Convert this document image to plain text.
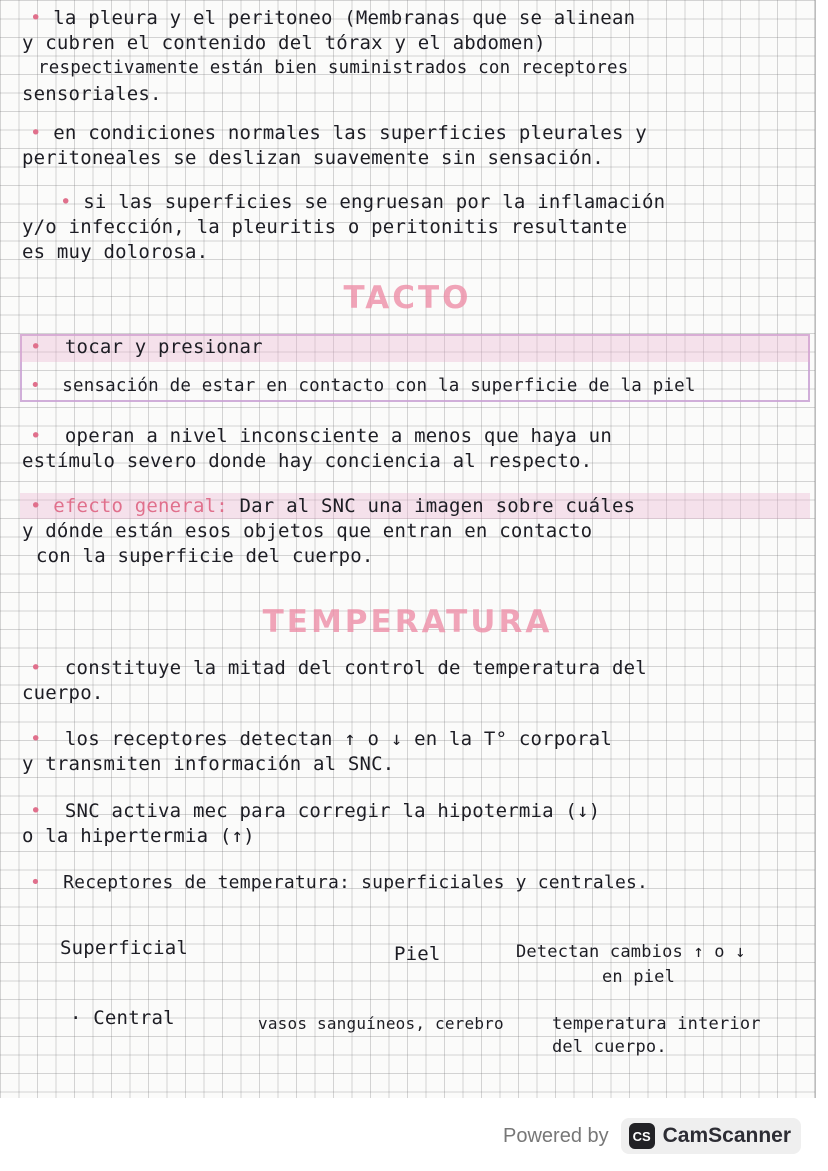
• la pleura y el peritoneo (Membranas que se alinean

y cubren el contenido del tórax y el abdomen)

respectivamente están bien suministrados con receptores

sensoriales.

• en condiciones normales las superficies pleurales y

peritoneales se deslizan suavemente sin sensación.

• si las superficies se engruesan por la inflamación

y/o infección, la pleuritis o peritonitis resultante

es muy dolorosa.

TACTO

• tocar y presionar

• sensación de estar en contacto con la superficie de la piel

• operan a nivel inconsciente a menos que haya un

estímulo severo donde hay conciencia al respecto.

• efecto general: Dar al SNC una imagen sobre cuáles

y dónde están esos objetos que entran en contacto

con la superficie del cuerpo.

TEMPERATURA

• constituye la mitad del control de temperatura del

cuerpo.

• los receptores detectan ↑ o ↓ en la T° corporal

y transmiten información al SNC.

• SNC activa mec para corregir la hipotermia (↓)

o la hipertermia (↑)

• Receptores de temperatura: superficiales y centrales.

Superficial	Piel	Detectan cambios ↑ o ↓

en piel

· Central	vasos sanguíneos, cerebro	temperatura interior

del cuerpo.

Powered by	CS CamScanner
